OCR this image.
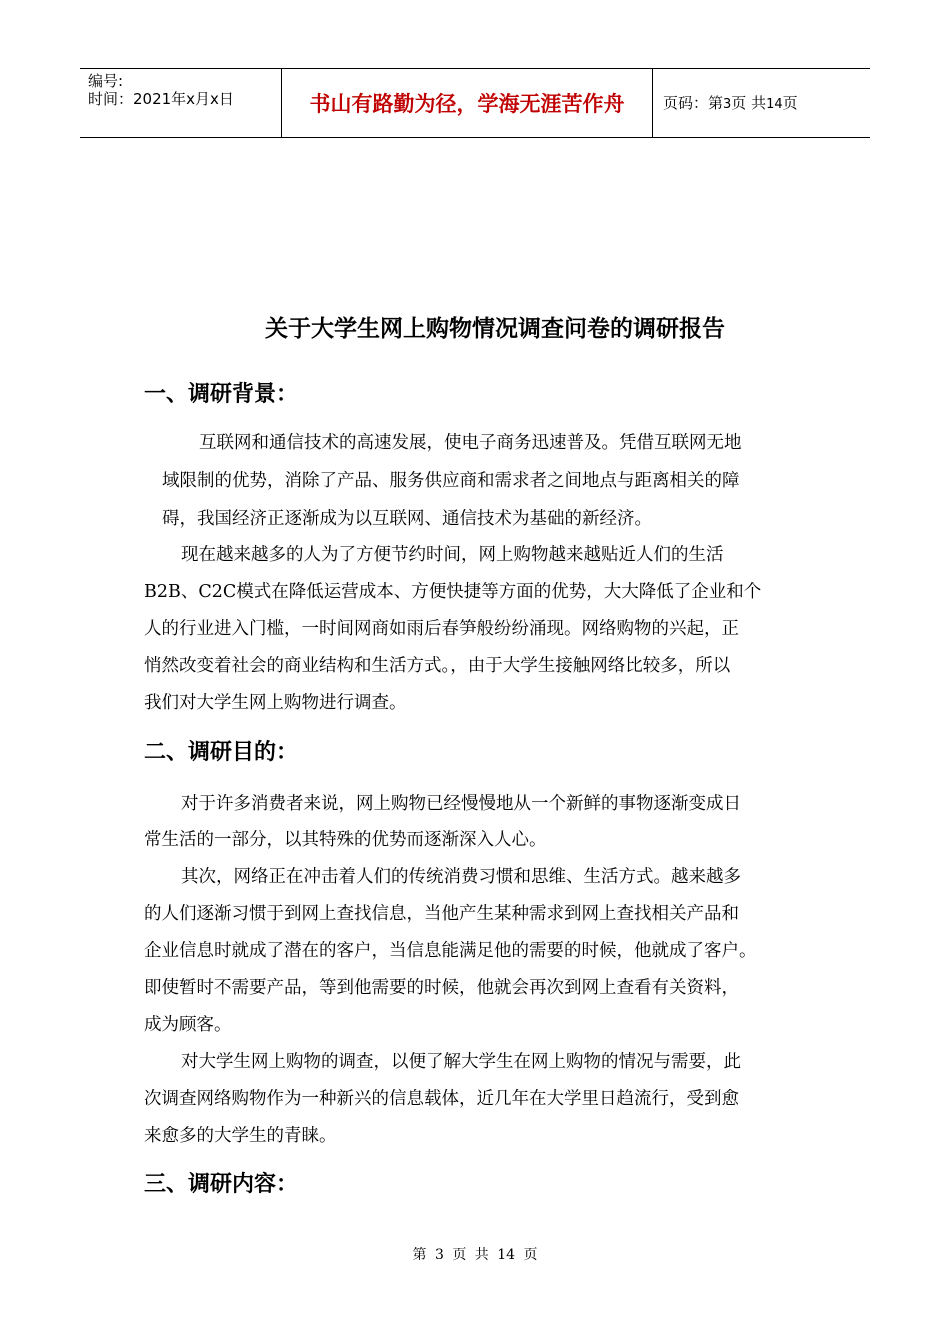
编号:
时间：2021年x月x日	书山有路勤为径，学海无涯苦作舟	页码：第3页 共14页
关于大学生网上购物情况调查问卷的调研报告
一、调研背景：
互联网和通信技术的高速发展，使电子商务迅速普及。凭借互联网无地
域限制的优势，消除了产品、服务供应商和需求者之间地点与距离相关的障
碍，我国经济正逐渐成为以互联网、通信技术为基础的新经济。
现在越来越多的人为了方便节约时间，网上购物越来越贴近人们的生活
B2B、C2C模式在降低运营成本、方便快捷等方面的优势，大大降低了企业和个
人的行业进入门槛，一时间网商如雨后春笋般纷纷涌现。网络购物的兴起，正
悄然改变着社会的商业结构和生活方式。，由于大学生接触网络比较多，所以
我们对大学生网上购物进行调查。
二、调研目的：
对于许多消费者来说，网上购物已经慢慢地从一个新鲜的事物逐渐变成日
常生活的一部分，以其特殊的优势而逐渐深入人心。
其次，网络正在冲击着人们的传统消费习惯和思维、生活方式。越来越多
的人们逐渐习惯于到网上查找信息，当他产生某种需求到网上查找相关产品和
企业信息时就成了潜在的客户，当信息能满足他的需要的时候，他就成了客户。
即使暂时不需要产品，等到他需要的时候，他就会再次到网上查看有关资料，
成为顾客。
对大学生网上购物的调查，以便了解大学生在网上购物的情况与需要，此
次调查网络购物作为一种新兴的信息载体，近几年在大学里日趋流行，受到愈
来愈多的大学生的青睐。
三、调研内容：
第 3 页 共 14 页
